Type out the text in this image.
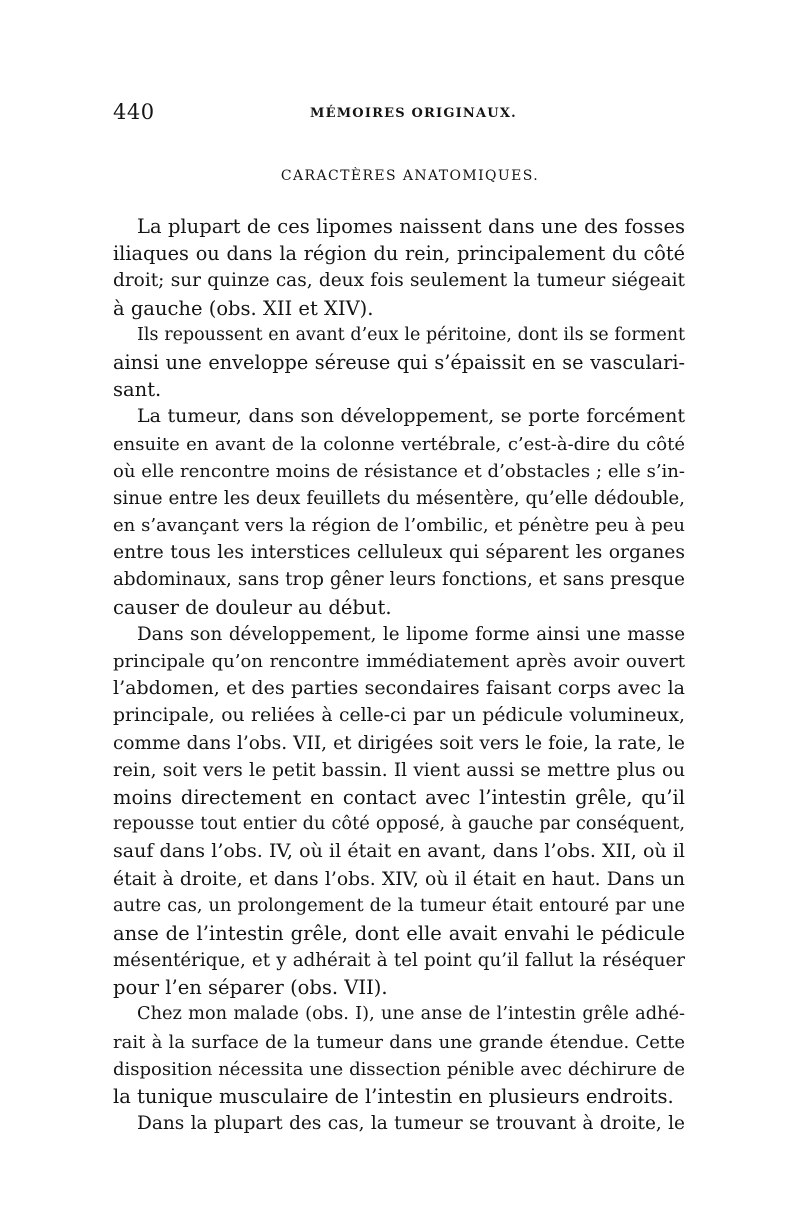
440	MÉMOIRES ORIGINAUX.
CARACTÈRES ANATOMIQUES.
La plupart de ces lipomes naissent dans une des fosses
iliaques ou dans la région du rein, principalement du côté
droit; sur quinze cas, deux fois seulement la tumeur siégeait
à gauche (obs. XII et XIV).
Ils repoussent en avant d’eux le péritoine, dont ils se forment
ainsi une enveloppe séreuse qui s’épaissit en se vasculari-
sant.
La tumeur, dans son développement, se porte forcément
ensuite en avant de la colonne vertébrale, c’est-à-dire du côté
où elle rencontre moins de résistance et d’obstacles ; elle s’in-
sinue entre les deux feuillets du mésentère, qu’elle dédouble,
en s’avançant vers la région de l’ombilic, et pénètre peu à peu
entre tous les interstices celluleux qui séparent les organes
abdominaux, sans trop gêner leurs fonctions, et sans presque
causer de douleur au début.
Dans son développement, le lipome forme ainsi une masse
principale qu’on rencontre immédiatement après avoir ouvert
l’abdomen, et des parties secondaires faisant corps avec la
principale, ou reliées à celle-ci par un pédicule volumineux,
comme dans l’obs. VII, et dirigées soit vers le foie, la rate, le
rein, soit vers le petit bassin. Il vient aussi se mettre plus ou
moins directement en contact avec l’intestin grêle, qu’il
repousse tout entier du côté opposé, à gauche par conséquent,
sauf dans l’obs. IV, où il était en avant, dans l’obs. XII, où il
était à droite, et dans l’obs. XIV, où il était en haut. Dans un
autre cas, un prolongement de la tumeur était entouré par une
anse de l’intestin grêle, dont elle avait envahi le pédicule
mésentérique, et y adhérait à tel point qu’il fallut la réséquer
pour l’en séparer (obs. VII).
Chez mon malade (obs. I), une anse de l’intestin grêle adhé-
rait à la surface de la tumeur dans une grande étendue. Cette
disposition nécessita une dissection pénible avec déchirure de
la tunique musculaire de l’intestin en plusieurs endroits.
Dans la plupart des cas, la tumeur se trouvant à droite, le
